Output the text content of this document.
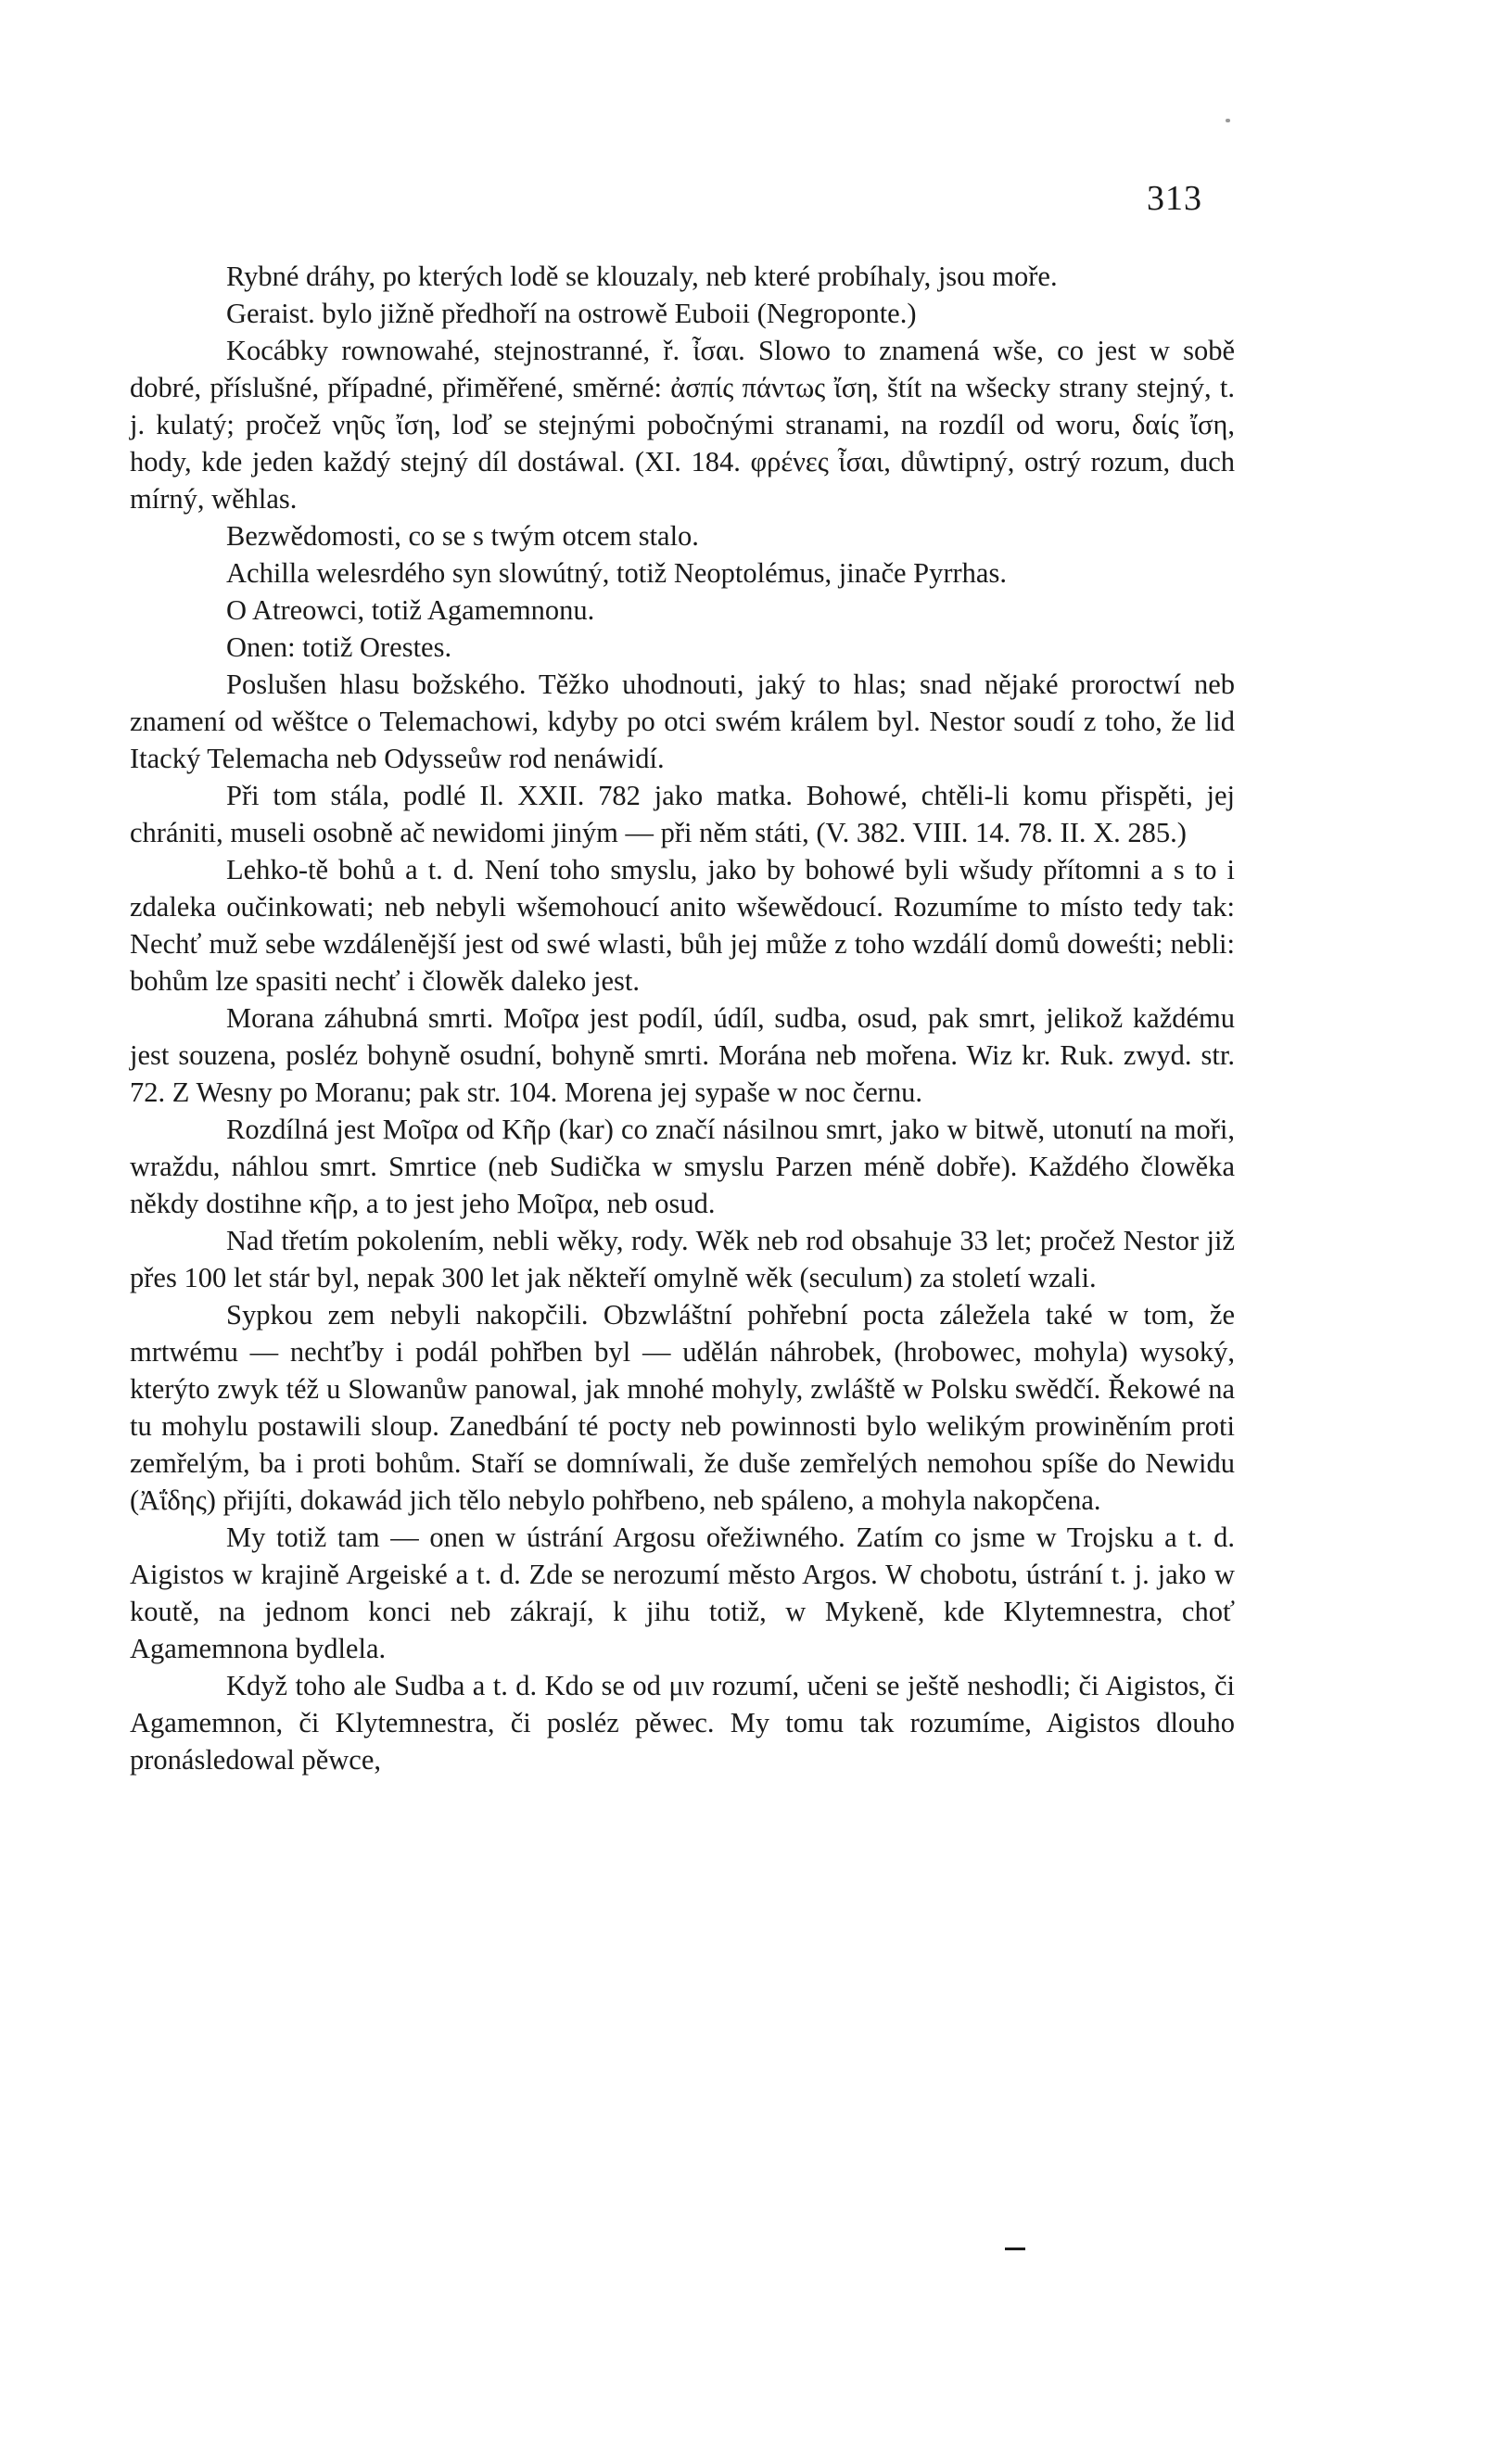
313

Rybné dráhy, po kterých lodě se klouzaly, neb které probíhaly, jsou moře.

Geraist. bylo jižně předhoří na ostrowě Euboii (Negroponte.)

Kocábky rownowahé, stejnostranné, ř. ἶσαι. Slowo to znamená wše, co jest w sobě dobré, příslušné, případné, přiměřené, směrné: ἀσπίς πάντως ἴση, štít na wšecky strany stejný, t. j. kulatý; pročež νηῦς ἴση, loď se stejnými pobočnými stranami, na rozdíl od woru, δαίς ἴση, hody, kde jeden každý stejný díl dostáwal. (XI. 184. φρένες ἶσαι, důwtipný, ostrý rozum, duch mírný, wěhlas.

Bezwědomosti, co se s twým otcem stalo.

Achilla welesrdého syn slowútný, totiž Neoptolémus, jinače Pyrrhas.

O Atreowci, totiž Agamemnonu.

Onen: totiž Orestes.

Poslušen hlasu božského. Těžko uhodnouti, jaký to hlas; snad nějaké proroctwí neb znamení od wěštce o Telemachowi, kdyby po otci swém králem byl. Nestor soudí z toho, že lid Itacký Telemacha neb Odysseůw rod nenáwidí.

Při tom stála, podlé Il. XXII. 782 jako matka. Bohowé, chtěli-li komu přispěti, jej chrániti, museli osobně ač newidomi jiným — při něm státi, (V. 382. VIII. 14. 78. II. X. 285.)

Lehko-tě bohů a t. d. Není toho smyslu, jako by bohowé byli wšudy přítomni a s to i zdaleka oučinkowati; neb nebyli wšemohoucí anito wšewědoucí. Rozumíme to místo tedy tak: Nechť muž sebe wzdálenější jest od swé wlasti, bůh jej může z toho wzdálí domů doweśti; nebli: bohům lze spasiti nechť i člowěk daleko jest.

Morana záhubná smrti. Μοῖρα jest podíl, údíl, sudba, osud, pak smrt, jelikož každému jest souzena, posléz bohyně osudní, bohyně smrti. Morána neb mořena. Wiz kr. Ruk. zwyd. str. 72. Z Wesny po Moranu; pak str. 104. Morena jej sypaše w noc černu.

Rozdílná jest Μοῖρα od Κῆρ (kar) co značí násilnou smrt, jako w bitwě, utonutí na moři, wraždu, náhlou smrt. Smrtice (neb Sudička w smyslu Parzen méně dobře). Každého člowěka někdy dostihne κῆρ, a to jest jeho Μοῖρα, neb osud.

Nad třetím pokolením, nebli wěky, rody. Wěk neb rod obsahuje 33 let; pročež Nestor již přes 100 let stár byl, nepak 300 let jak někteří omylně wěk (seculum) za století wzali.

Sypkou zem nebyli nakopčili. Obzwláštní pohřební pocta záležela také w tom, že mrtwému — nechťby i podál pohřben byl — udělán náhrobek, (hrobowec, mohyla) wysoký, kterýto zwyk též u Slowanůw panowal, jak mnohé mohyly, zwláště w Polsku swědčí. Řekowé na tu mohylu postawili sloup. Zanedbání té pocty neb powinnosti bylo welikým prowiněním proti zemřelým, ba i proti bohům. Staří se domníwali, že duše zemřelých nemohou spíše do Newidu (Ἀΐδης) přijíti, dokawád jich tělo nebylo pohřbeno, neb spáleno, a mohyla nakopčena.

My totiž tam — onen w ústrání Argosu ořežiwného. Zatím co jsme w Trojsku a t. d. Aigistos w krajině Argeiské a t. d. Zde se nerozumí město Argos. W chobotu, ústrání t. j. jako w koutě, na jednom konci neb zákrají, k jihu totiž, w Mykeně, kde Klytemnestra, choť Agamemnona bydlela.

Když toho ale Sudba a t. d. Kdo se od μιν rozumí, učeni se ještě neshodli; či Aigistos, či Agamemnon, či Klytemnestra, či posléz pěwec. My tomu tak rozumíme, Aigistos dlouho pronásledowal pěwce,
